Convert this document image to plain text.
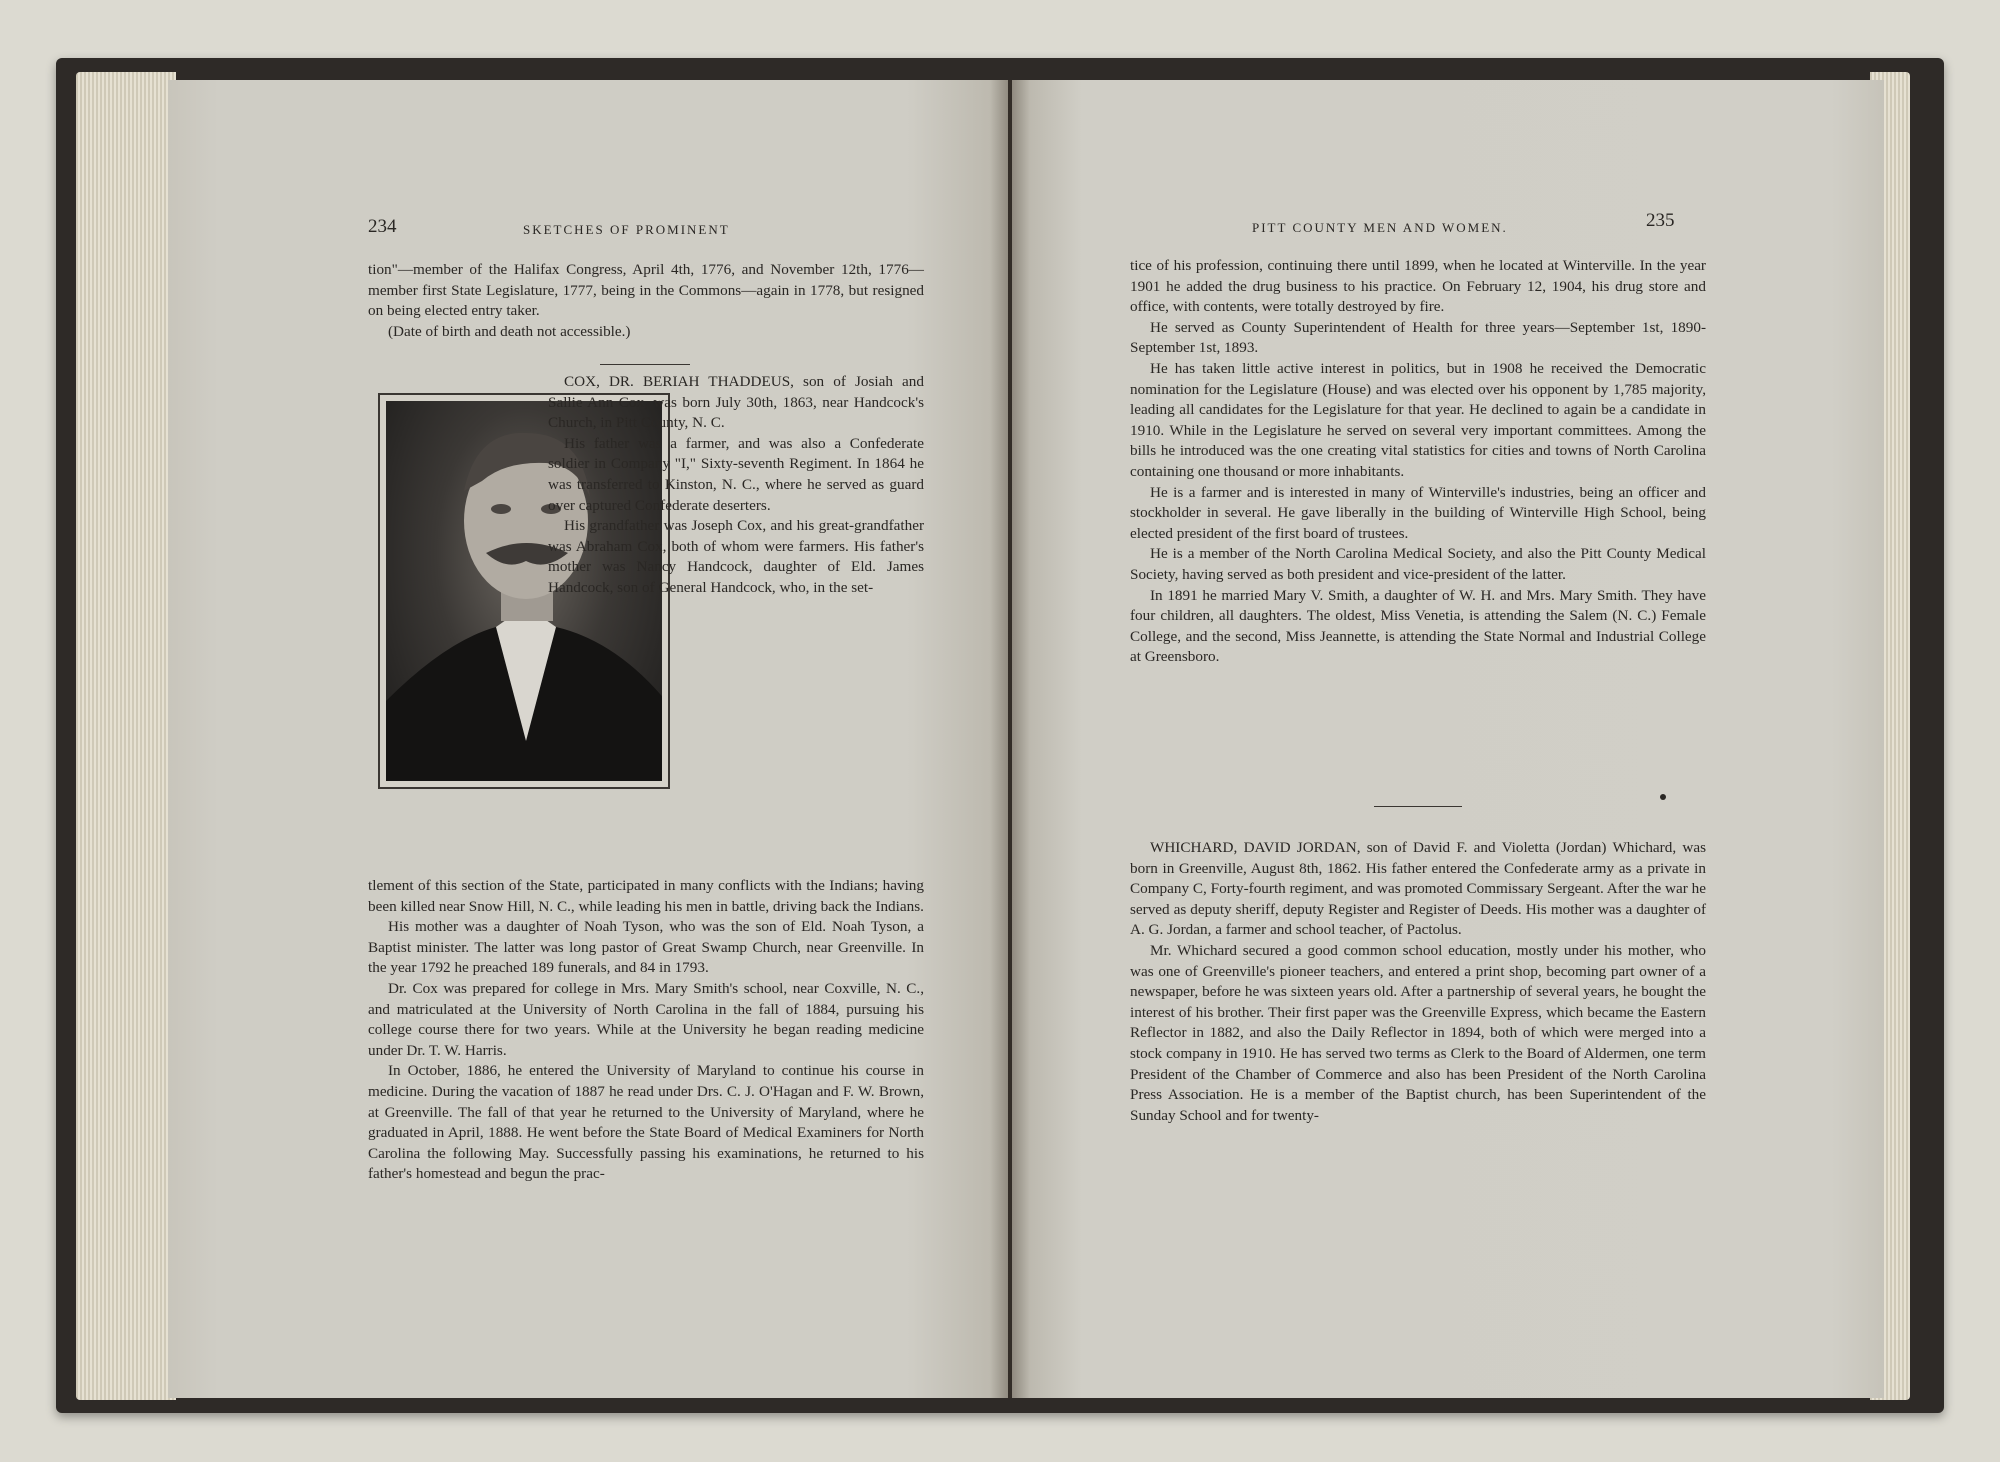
234	SKETCHES OF PROMINENT

tion"—member of the Halifax Congress, April 4th, 1776, and November 12th, 1776—member first State Legislature, 1777, being in the Commons—again in 1778, but resigned on being elected entry taker.

(Date of birth and death not accessible.)

COX, DR. BERIAH THADDEUS, son of Josiah and Sallie Ann Cox, was born July 30th, 1863, near Handcock's Church, in Pitt County, N. C.

His father was a farmer, and was also a Confederate soldier in Company "I," Sixty-seventh Regiment. In 1864 he was transferred to Kinston, N. C., where he served as guard over captured Confederate deserters.

His grandfather was Joseph Cox, and his great-grandfather was Abraham Cox, both of whom were farmers. His father's mother was Nancy Handcock, daughter of Eld. James Handcock, son of General Handcock, who, in the set-

tlement of this section of the State, participated in many conflicts with the Indians; having been killed near Snow Hill, N. C., while leading his men in battle, driving back the Indians.

His mother was a daughter of Noah Tyson, who was the son of Eld. Noah Tyson, a Baptist minister. The latter was long pastor of Great Swamp Church, near Greenville. In the year 1792 he preached 189 funerals, and 84 in 1793.

Dr. Cox was prepared for college in Mrs. Mary Smith's school, near Coxville, N. C., and matriculated at the University of North Carolina in the fall of 1884, pursuing his college course there for two years. While at the University he began reading medicine under Dr. T. W. Harris.

In October, 1886, he entered the University of Maryland to continue his course in medicine. During the vacation of 1887 he read under Drs. C. J. O'Hagan and F. W. Brown, at Greenville. The fall of that year he returned to the University of Maryland, where he graduated in April, 1888. He went before the State Board of Medical Examiners for North Carolina the following May. Successfully passing his examinations, he returned to his father's homestead and begun the prac-

PITT COUNTY MEN AND WOMEN.	235

tice of his profession, continuing there until 1899, when he located at Winterville. In the year 1901 he added the drug business to his practice. On February 12, 1904, his drug store and office, with contents, were totally destroyed by fire.

He served as County Superintendent of Health for three years—September 1st, 1890-September 1st, 1893.

He has taken little active interest in politics, but in 1908 he received the Democratic nomination for the Legislature (House) and was elected over his opponent by 1,785 majority, leading all candidates for the Legislature for that year. He declined to again be a candidate in 1910. While in the Legislature he served on several very important committees. Among the bills he introduced was the one creating vital statistics for cities and towns of North Carolina containing one thousand or more inhabitants.

He is a farmer and is interested in many of Winterville's industries, being an officer and stockholder in several. He gave liberally in the building of Winterville High School, being elected president of the first board of trustees.

He is a member of the North Carolina Medical Society, and also the Pitt County Medical Society, having served as both president and vice-president of the latter.

In 1891 he married Mary V. Smith, a daughter of W. H. and Mrs. Mary Smith. They have four children, all daughters. The oldest, Miss Venetia, is attending the Salem (N. C.) Female College, and the second, Miss Jeannette, is attending the State Normal and Industrial College at Greensboro.

WHICHARD, DAVID JORDAN, son of David F. and Violetta (Jordan) Whichard, was born in Greenville, August 8th, 1862. His father entered the Confederate army as a private in Company C, Forty-fourth regiment, and was promoted Commissary Sergeant. After the war he served as deputy sheriff, deputy Register and Register of Deeds. His mother was a daughter of A. G. Jordan, a farmer and school teacher, of Pactolus.

Mr. Whichard secured a good common school education, mostly under his mother, who was one of Greenville's pioneer teachers, and entered a print shop, becoming part owner of a newspaper, before he was sixteen years old. After a partnership of several years, he bought the interest of his brother. Their first paper was the Greenville Express, which became the Eastern Reflector in 1882, and also the Daily Reflector in 1894, both of which were merged into a stock company in 1910. He has served two terms as Clerk to the Board of Aldermen, one term President of the Chamber of Commerce and also has been President of the North Carolina Press Association. He is a member of the Baptist church, has been Superintendent of the Sunday School and for twenty-
